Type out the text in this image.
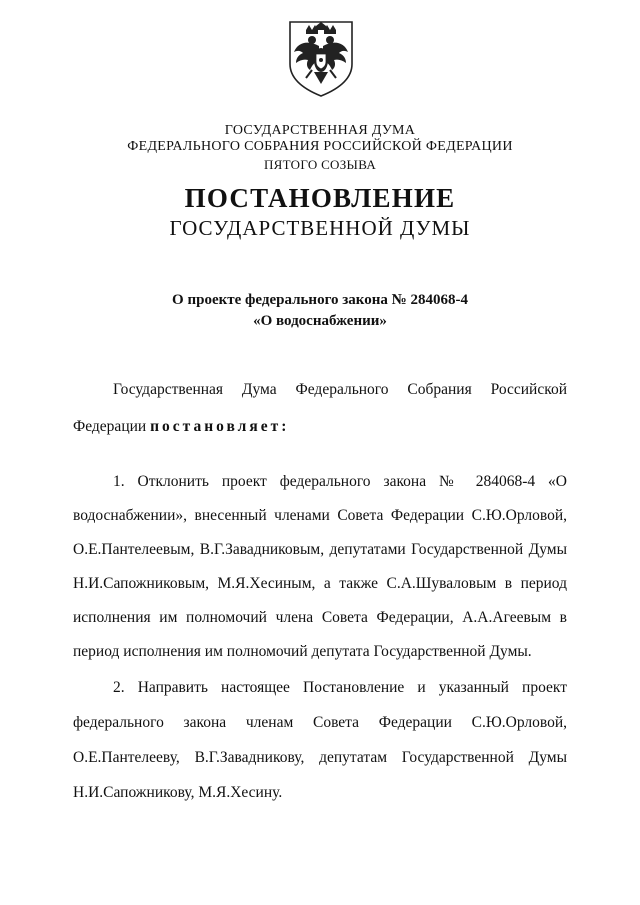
ГОСУДАРСТВЕННАЯ ДУМА
ФЕДЕРАЛЬНОГО СОБРАНИЯ РОССИЙСКОЙ ФЕДЕРАЦИИ
ПЯТОГО СОЗЫВА
ПОСТАНОВЛЕНИЕ
ГОСУДАРСТВЕННОЙ ДУМЫ
О проекте федерального закона № 284068-4
«О водоснабжении»
Государственная Дума Федерального Собрания Российской
Федерации постановляет:
1. Отклонить проект федерального закона № 284068-4 «О
водоснабжении», внесенный членами Совета Федерации С.Ю.Орловой,
О.Е.Пантелеевым, В.Г.Завадниковым, депутатами Государственной Думы
Н.И.Сапожниковым, М.Я.Хесиным, а также С.А.Шуваловым в период
исполнения им полномочий члена Совета Федерации, А.А.Агеевым в
период исполнения им полномочий депутата Государственной Думы.
2. Направить настоящее Постановление и указанный проект
федерального закона членам Совета Федерации С.Ю.Орловой,
О.Е.Пантелееву, В.Г.Завадникову, депутатам Государственной Думы
Н.И.Сапожникову, М.Я.Хесину.
